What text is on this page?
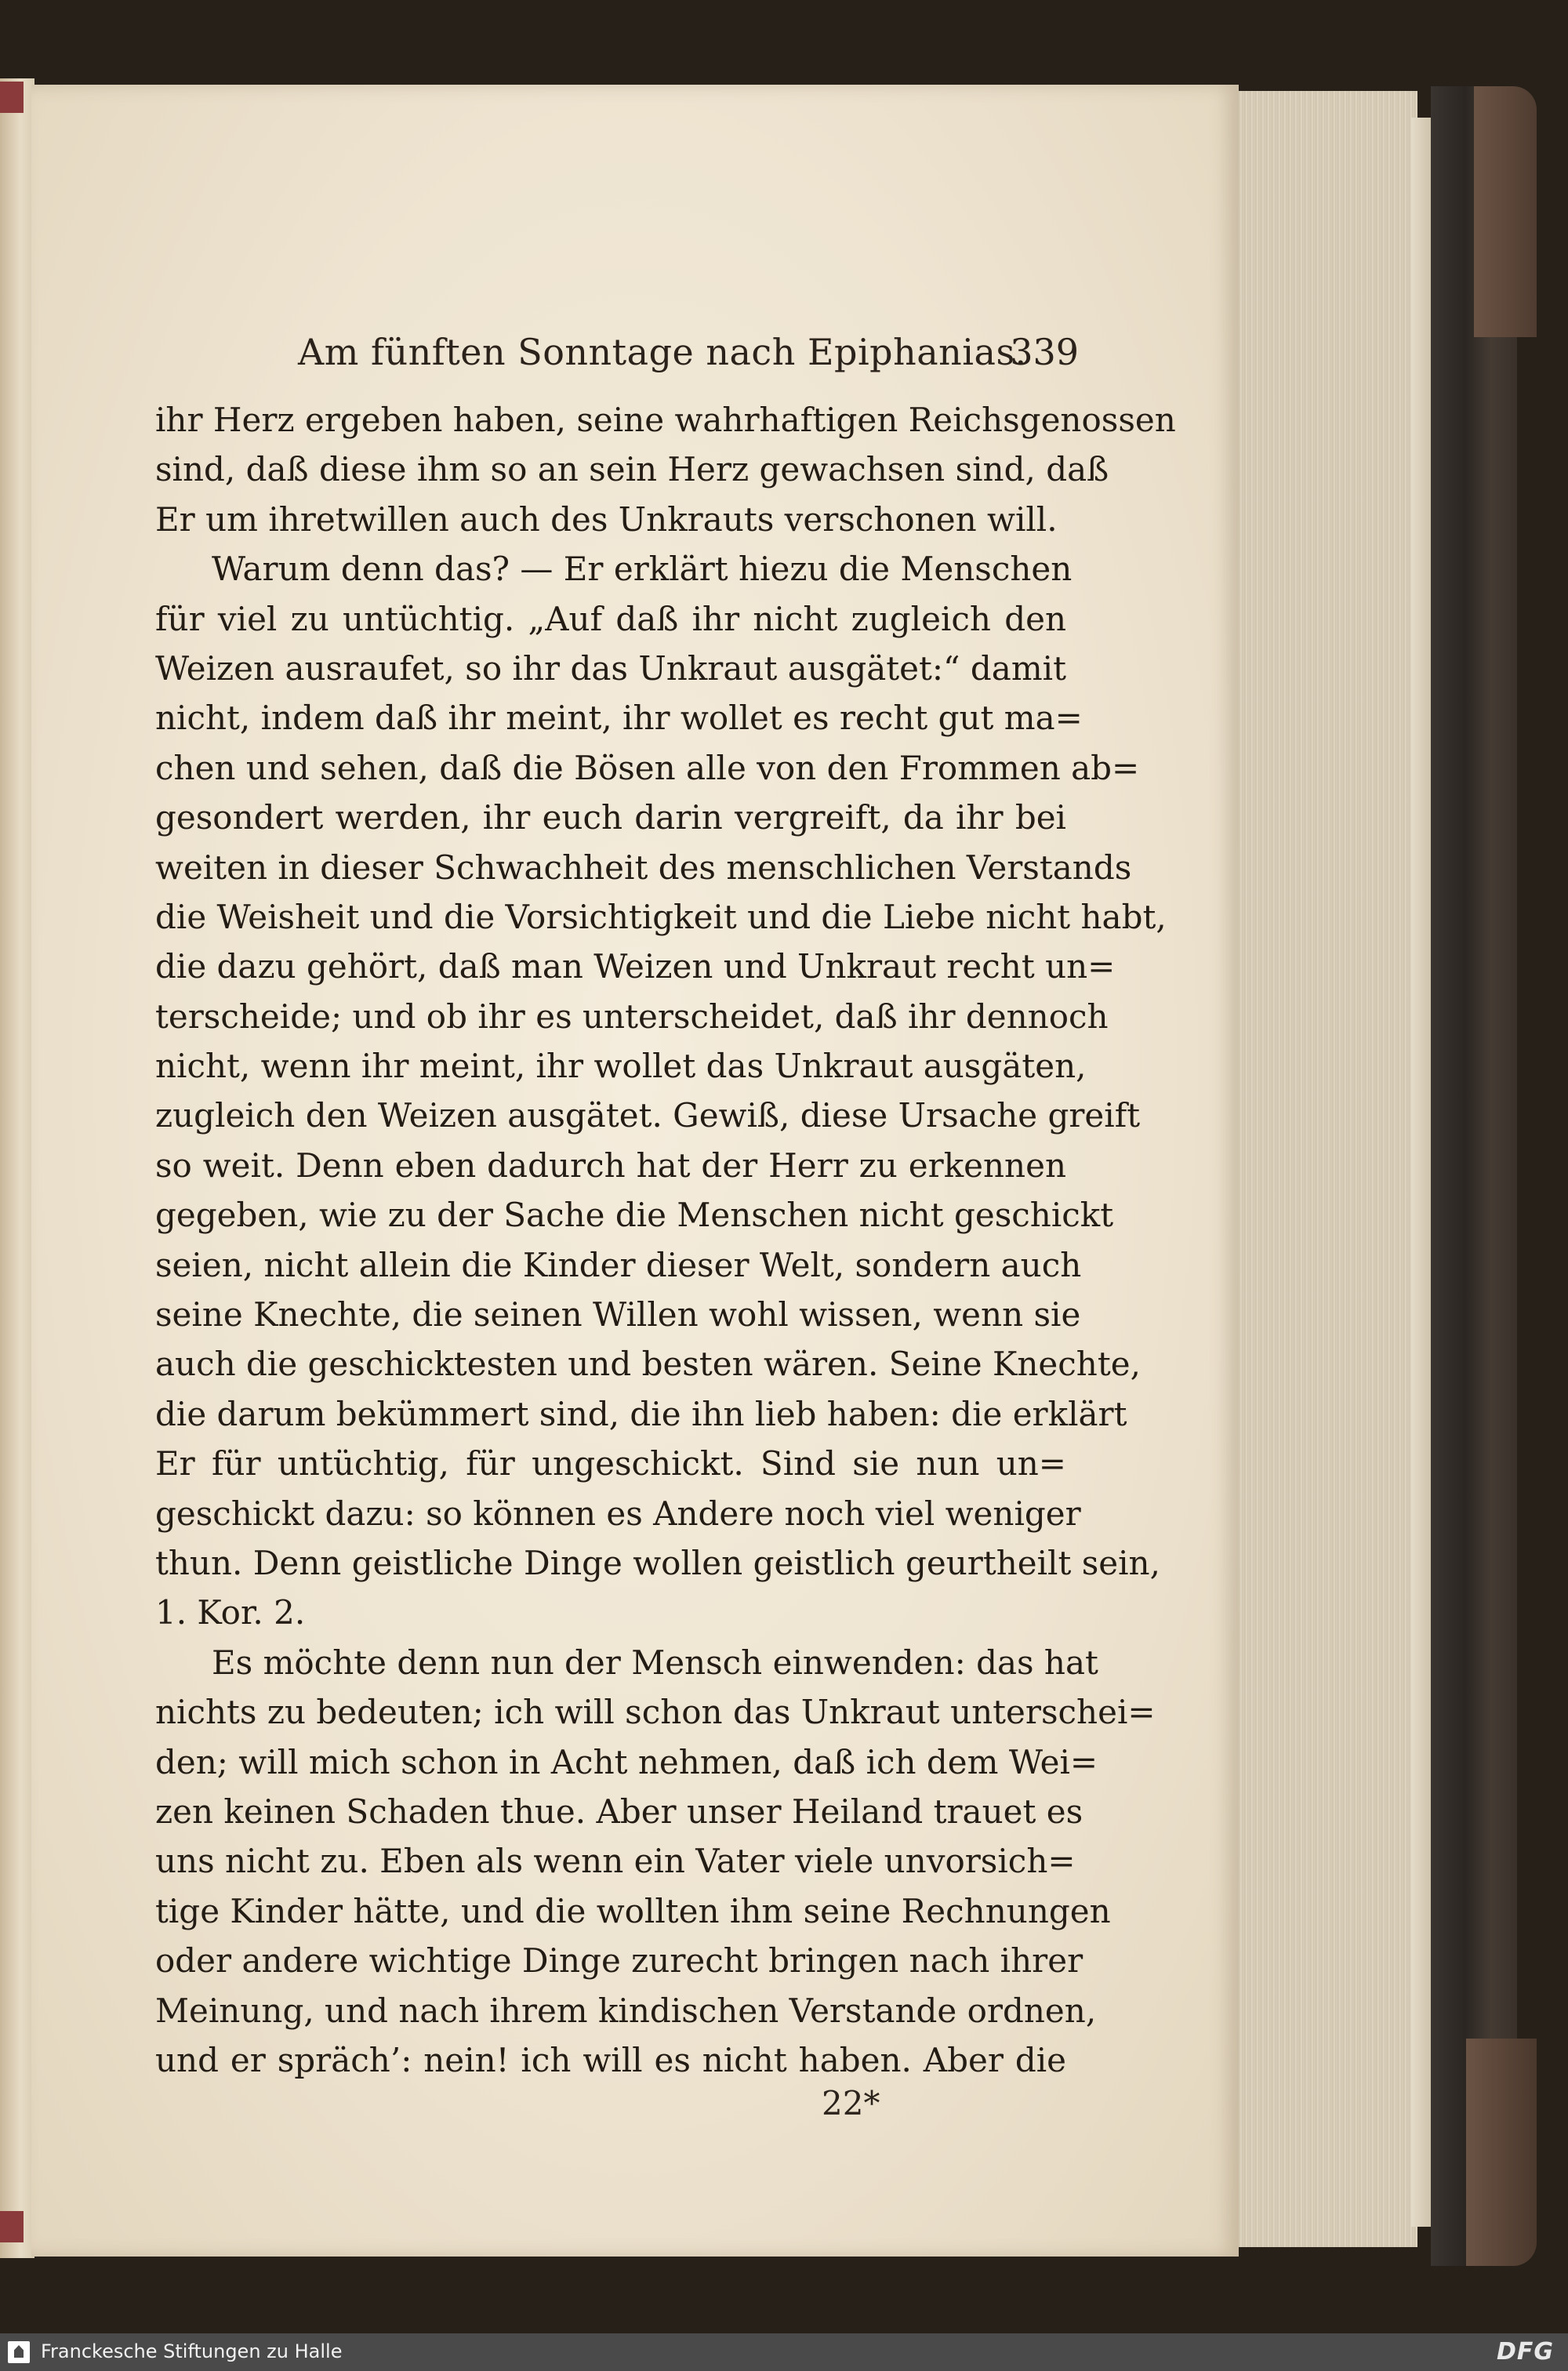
Am fünften Sonntage nach Epiphanias.
339
ihr Herz ergeben haben, seine wahrhaftigen Reichsgenossen
sind, daß diese ihm so an sein Herz gewachsen sind, daß
Er um ihretwillen auch des Unkrauts verschonen will.
Warum denn das? — Er erklärt hiezu die Menschen
für viel zu untüchtig. „Auf daß ihr nicht zugleich den
Weizen ausraufet, so ihr das Unkraut ausgätet:“ damit
nicht, indem daß ihr meint, ihr wollet es recht gut ma=
chen und sehen, daß die Bösen alle von den Frommen ab=
gesondert werden, ihr euch darin vergreift, da ihr bei
weiten in dieser Schwachheit des menschlichen Verstands
die Weisheit und die Vorsichtigkeit und die Liebe nicht habt,
die dazu gehört, daß man Weizen und Unkraut recht un=
terscheide; und ob ihr es unterscheidet, daß ihr dennoch
nicht, wenn ihr meint, ihr wollet das Unkraut ausgäten,
zugleich den Weizen ausgätet. Gewiß, diese Ursache greift
so weit. Denn eben dadurch hat der Herr zu erkennen
gegeben, wie zu der Sache die Menschen nicht geschickt
seien, nicht allein die Kinder dieser Welt, sondern auch
seine Knechte, die seinen Willen wohl wissen, wenn sie
auch die geschicktesten und besten wären. Seine Knechte,
die darum bekümmert sind, die ihn lieb haben: die erklärt
Er für untüchtig, für ungeschickt. Sind sie nun un=
geschickt dazu: so können es Andere noch viel weniger
thun. Denn geistliche Dinge wollen geistlich geurtheilt sein,
1. Kor. 2.
Es möchte denn nun der Mensch einwenden: das hat
nichts zu bedeuten; ich will schon das Unkraut unterschei=
den; will mich schon in Acht nehmen, daß ich dem Wei=
zen keinen Schaden thue. Aber unser Heiland trauet es
uns nicht zu. Eben als wenn ein Vater viele unvorsich=
tige Kinder hätte, und die wollten ihm seine Rechnungen
oder andere wichtige Dinge zurecht bringen nach ihrer
Meinung, und nach ihrem kindischen Verstande ordnen,
und er spräch’: nein! ich will es nicht haben. Aber die
22*
Franckesche Stiftungen zu Halle	DFG
